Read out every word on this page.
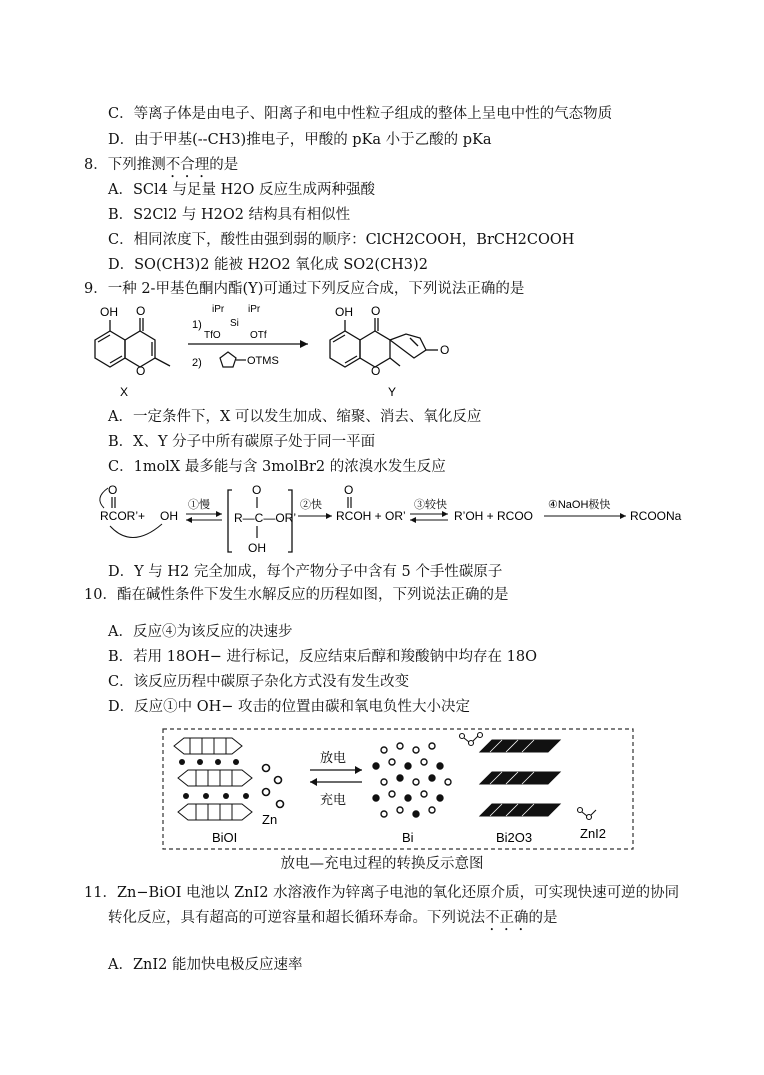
C．等离子体是由电子、阳离子和电中性粒子组成的整体上呈电中性的气态物质
D．由于甲基(--CH3)推电子，甲酸的 pKa 小于乙酸的 pKa
8．下列推测不合理的是
A．SCl4 与足量 H2O 反应生成两种强酸
B．S2Cl2 与 H2O2 结构具有相似性
C．相同浓度下，酸性由强到弱的顺序：ClCH2COOH，BrCH2COOH
D．SO(CH3)2 能被 H2O2 氧化成 SO2(CH3)2
9．一种 2-甲基色酮内酯(Y)可通过下列反应合成，下列说法正确的是
OH O
O
X
1)
iPr iPr
Si
TfO	OTf
2)	OTMS
OH O
O
O
Y
A．一定条件下，X 可以发生加成、缩聚、消去、氧化反应
B．X、Y 分子中所有碳原子处于同一平面
C．1molX 最多能与含 3molBr2 的浓溴水发生反应
O
RCOR’+ OH
①慢
O
R—C—OR’
OH
②快
O
RCOH + OR’
③较快
R’OH + RCOO
④NaOH极快
RCOONa
D．Y 与 H2 完全加成，每个产物分子中含有 5 个手性碳原子
10．酯在碱性条件下发生水解反应的历程如图，下列说法正确的是
A．反应④为该反应的决速步
B．若用 18OH− 进行标记，反应结束后醇和羧酸钠中均存在 18O
C．该反应历程中碳原子杂化方式没有发生改变
D．反应①中 OH− 攻击的位置由碳和氧电负性大小决定
BiOI
Zn
放电
充电
Bi	Bi2O3	ZnI2
放电—充电过程的转换反示意图
11．Zn−BiOI 电池以 ZnI2 水溶液作为锌离子电池的氧化还原介质，可实现快速可逆的协同
转化反应，具有超高的可逆容量和超长循环寿命。下列说法不正确的是
A．ZnI2 能加快电极反应速率
